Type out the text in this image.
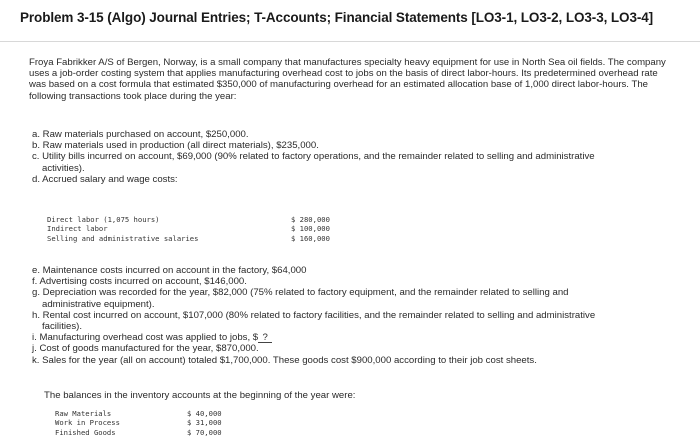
Problem 3-15 (Algo) Journal Entries; T-Accounts; Financial Statements [LO3-1, LO3-2, LO3-3, LO3-4]
Froya Fabrikker A/S of Bergen, Norway, is a small company that manufactures specialty heavy equipment for use in North Sea oil fields. The company uses a job-order costing system that applies manufacturing overhead cost to jobs on the basis of direct labor-hours. Its predetermined overhead rate was based on a cost formula that estimated $350,000 of manufacturing overhead for an estimated allocation base of 1,000 direct labor-hours. The following transactions took place during the year:
a. Raw materials purchased on account, $250,000.
b. Raw materials used in production (all direct materials), $235,000.
c. Utility bills incurred on account, $69,000 (90% related to factory operations, and the remainder related to selling and administrative
activities).
d. Accrued salary and wage costs:
Direct labor (1,075 hours)
Indirect labor
Selling and administrative salaries
$ 280,000
$ 100,000
$ 160,000
e. Maintenance costs incurred on account in the factory, $64,000
f. Advertising costs incurred on account, $146,000.
g. Depreciation was recorded for the year, $82,000 (75% related to factory equipment, and the remainder related to selling and
administrative equipment).
h. Rental cost incurred on account, $107,000 (80% related to factory facilities, and the remainder related to selling and administrative
facilities).
i. Manufacturing overhead cost was applied to jobs, $ ?
j. Cost of goods manufactured for the year, $870,000.
k. Sales for the year (all on account) totaled $1,700,000. These goods cost $900,000 according to their job cost sheets.
The balances in the inventory accounts at the beginning of the year were:
Raw Materials
Work in Process
Finished Goods
$ 40,000
$ 31,000
$ 70,000
